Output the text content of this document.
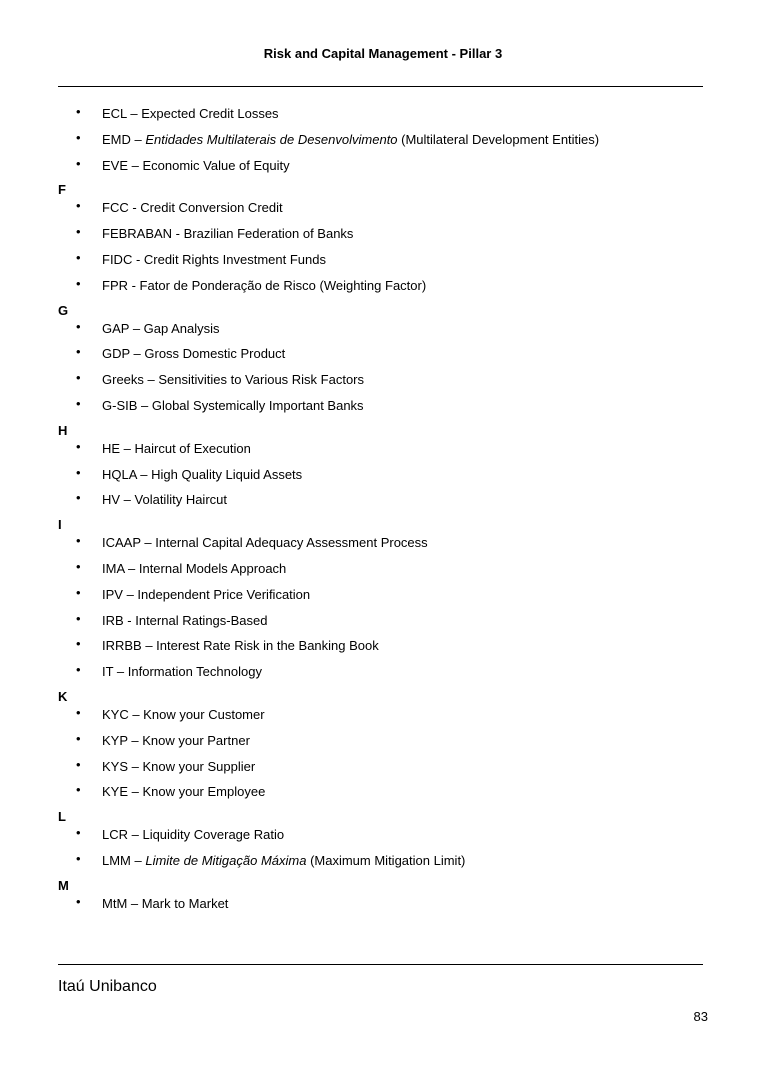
Risk and Capital Management - Pillar 3
• ECL – Expected Credit Losses
• EMD – Entidades Multilaterais de Desenvolvimento (Multilateral Development Entities)
• EVE – Economic Value of Equity
F
• FCC - Credit Conversion Credit
• FEBRABAN - Brazilian Federation of Banks
• FIDC - Credit Rights Investment Funds
• FPR - Fator de Ponderação de Risco (Weighting Factor)
G
• GAP – Gap Analysis
• GDP – Gross Domestic Product
• Greeks – Sensitivities to Various Risk Factors
• G-SIB – Global Systemically Important Banks
H
• HE – Haircut of Execution
• HQLA – High Quality Liquid Assets
• HV – Volatility Haircut
I
• ICAAP – Internal Capital Adequacy Assessment Process
• IMA – Internal Models Approach
• IPV – Independent Price Verification
• IRB - Internal Ratings-Based
• IRRBB – Interest Rate Risk in the Banking Book
• IT – Information Technology
K
• KYC – Know your Customer
• KYP – Know your Partner
• KYS – Know your Supplier
• KYE – Know your Employee
L
• LCR – Liquidity Coverage Ratio
• LMM – Limite de Mitigação Máxima (Maximum Mitigation Limit)
M
• MtM – Mark to Market
Itaú Unibanco
83
